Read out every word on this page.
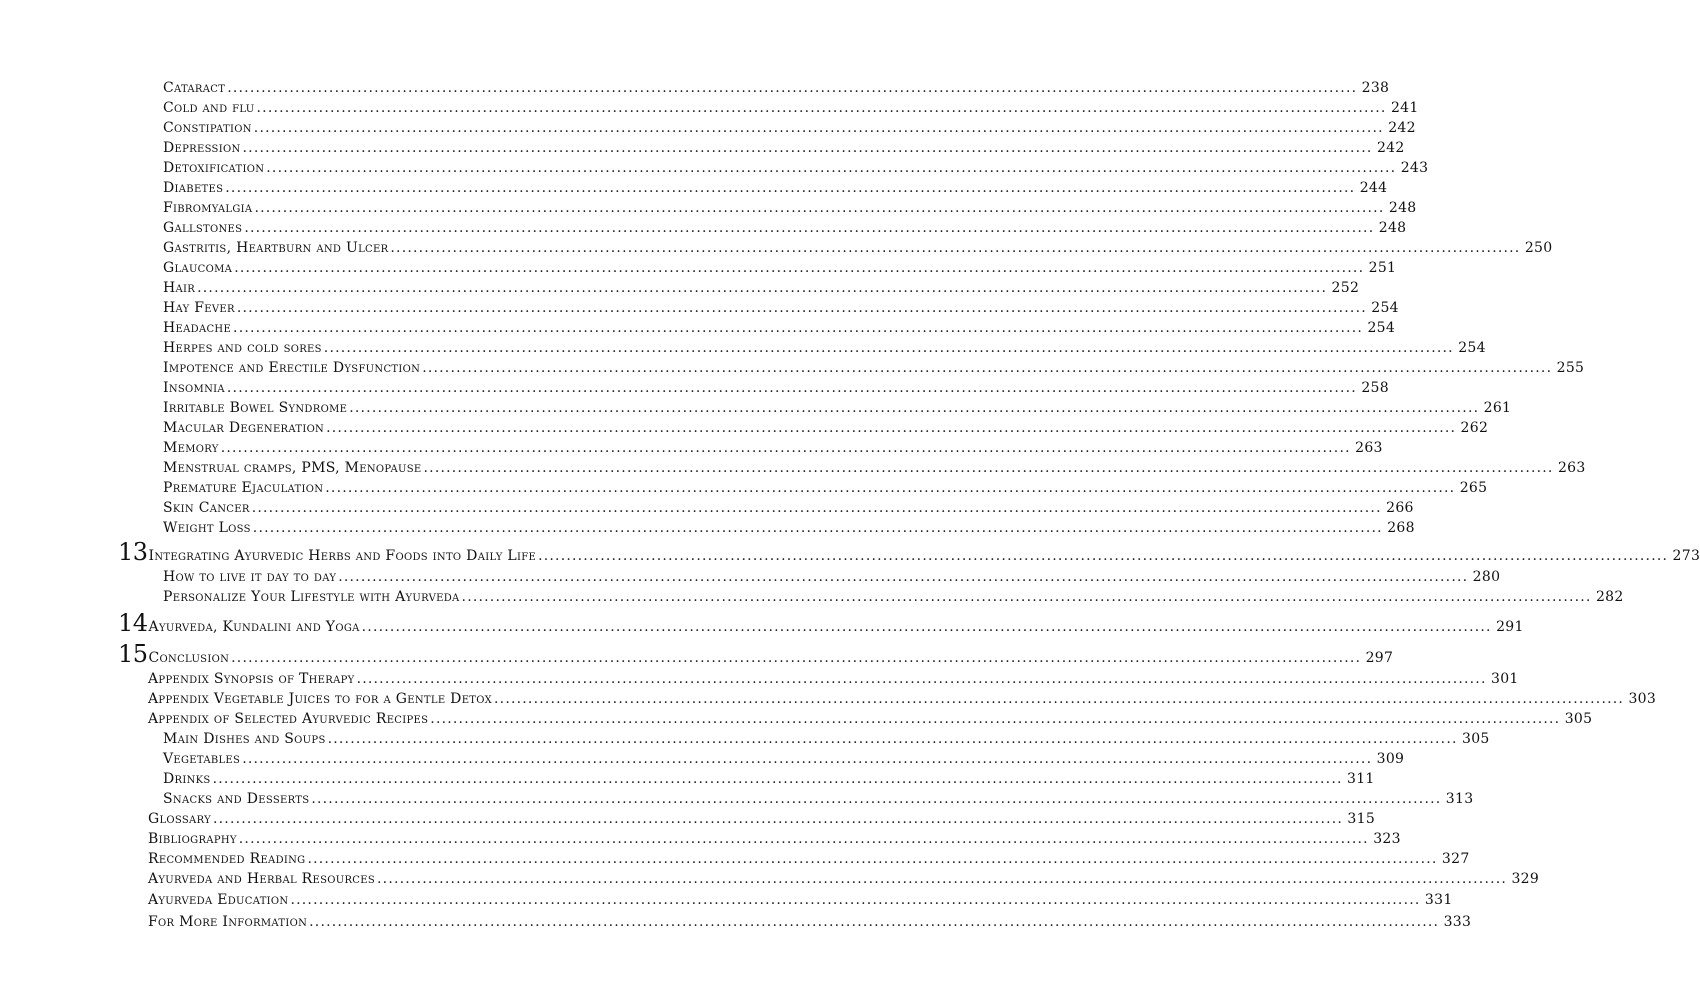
Cataract ........................................................................................................................................................................................................ 238
Cold and flu ........................................................................................................................................................................................................ 241
Constipation ........................................................................................................................................................................................................ 242
Depression ........................................................................................................................................................................................................ 242
Detoxification ........................................................................................................................................................................................................ 243
Diabetes ........................................................................................................................................................................................................ 244
Fibromyalgia ........................................................................................................................................................................................................ 248
Gallstones ........................................................................................................................................................................................................ 248
Gastritis, Heartburn and Ulcer ........................................................................................................................................................................................................ 250
Glaucoma ........................................................................................................................................................................................................ 251
Hair ........................................................................................................................................................................................................ 252
Hay Fever ........................................................................................................................................................................................................ 254
Headache ........................................................................................................................................................................................................ 254
Herpes and cold sores ........................................................................................................................................................................................................ 254
Impotence and Erectile Dysfunction ........................................................................................................................................................................................................ 255
Insomnia ........................................................................................................................................................................................................ 258
Irritable Bowel Syndrome ........................................................................................................................................................................................................ 261
Macular Degeneration ........................................................................................................................................................................................................ 262
Memory ........................................................................................................................................................................................................ 263
Menstrual cramps, PMS, Menopause ........................................................................................................................................................................................................ 263
Premature Ejaculation ........................................................................................................................................................................................................ 265
Skin Cancer ........................................................................................................................................................................................................ 266
Weight Loss ........................................................................................................................................................................................................ 268
13 Integrating Ayurvedic Herbs and Foods into Daily Life ........................................................................................................................................................................................................ 273
How to live it day to day ........................................................................................................................................................................................................ 280
Personalize Your Lifestyle with Ayurveda ........................................................................................................................................................................................................ 282
14 Ayurveda, Kundalini and Yoga ........................................................................................................................................................................................................ 291
15 Conclusion ........................................................................................................................................................................................................ 297
Appendix Synopsis of Therapy ........................................................................................................................................................................................................ 301
Appendix Vegetable Juices to for a Gentle Detox ........................................................................................................................................................................................................ 303
Appendix of Selected Ayurvedic Recipes ........................................................................................................................................................................................................ 305
Main Dishes and Soups ........................................................................................................................................................................................................ 305
Vegetables ........................................................................................................................................................................................................ 309
Drinks ........................................................................................................................................................................................................ 311
Snacks and Desserts ........................................................................................................................................................................................................ 313
Glossary ........................................................................................................................................................................................................ 315
Bibliography ........................................................................................................................................................................................................ 323
Recommended Reading ........................................................................................................................................................................................................ 327
Ayurveda and Herbal Resources ........................................................................................................................................................................................................ 329
Ayurveda Education ........................................................................................................................................................................................................ 331
For More Information ........................................................................................................................................................................................................ 333
